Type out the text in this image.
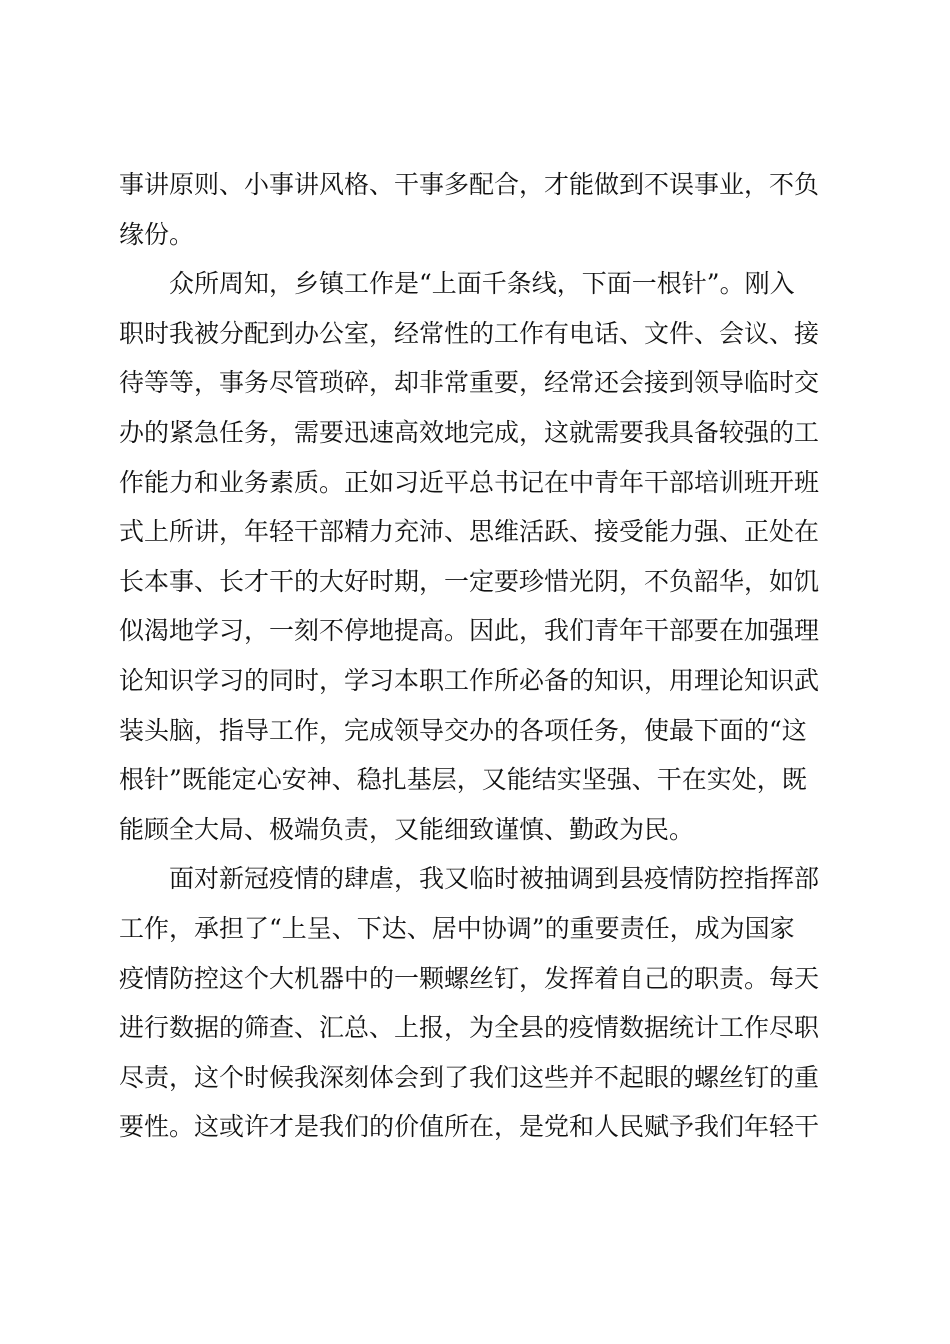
事讲原则、小事讲风格、干事多配合，才能做到不误事业，不负
缘份。

众所周知，乡镇工作是“上面千条线，下面一根针”。刚入
职时我被分配到办公室，经常性的工作有电话、文件、会议、接
待等等，事务尽管琐碎，却非常重要，经常还会接到领导临时交
办的紧急任务，需要迅速高效地完成，这就需要我具备较强的工
作能力和业务素质。正如习近平总书记在中青年干部培训班开班
式上所讲，年轻干部精力充沛、思维活跃、接受能力强、正处在
长本事、长才干的大好时期，一定要珍惜光阴，不负韶华，如饥
似渴地学习，一刻不停地提高。因此，我们青年干部要在加强理
论知识学习的同时，学习本职工作所必备的知识，用理论知识武
装头脑，指导工作，完成领导交办的各项任务，使最下面的“这
根针”既能定心安神、稳扎基层，又能结实坚强、干在实处，既
能顾全大局、极端负责，又能细致谨慎、勤政为民。

面对新冠疫情的肆虐，我又临时被抽调到县疫情防控指挥部
工作，承担了“上呈、下达、居中协调”的重要责任，成为国家
疫情防控这个大机器中的一颗螺丝钉，发挥着自己的职责。每天
进行数据的筛查、汇总、上报，为全县的疫情数据统计工作尽职
尽责，这个时候我深刻体会到了我们这些并不起眼的螺丝钉的重
要性。这或许才是我们的价值所在，是党和人民赋予我们年轻干
